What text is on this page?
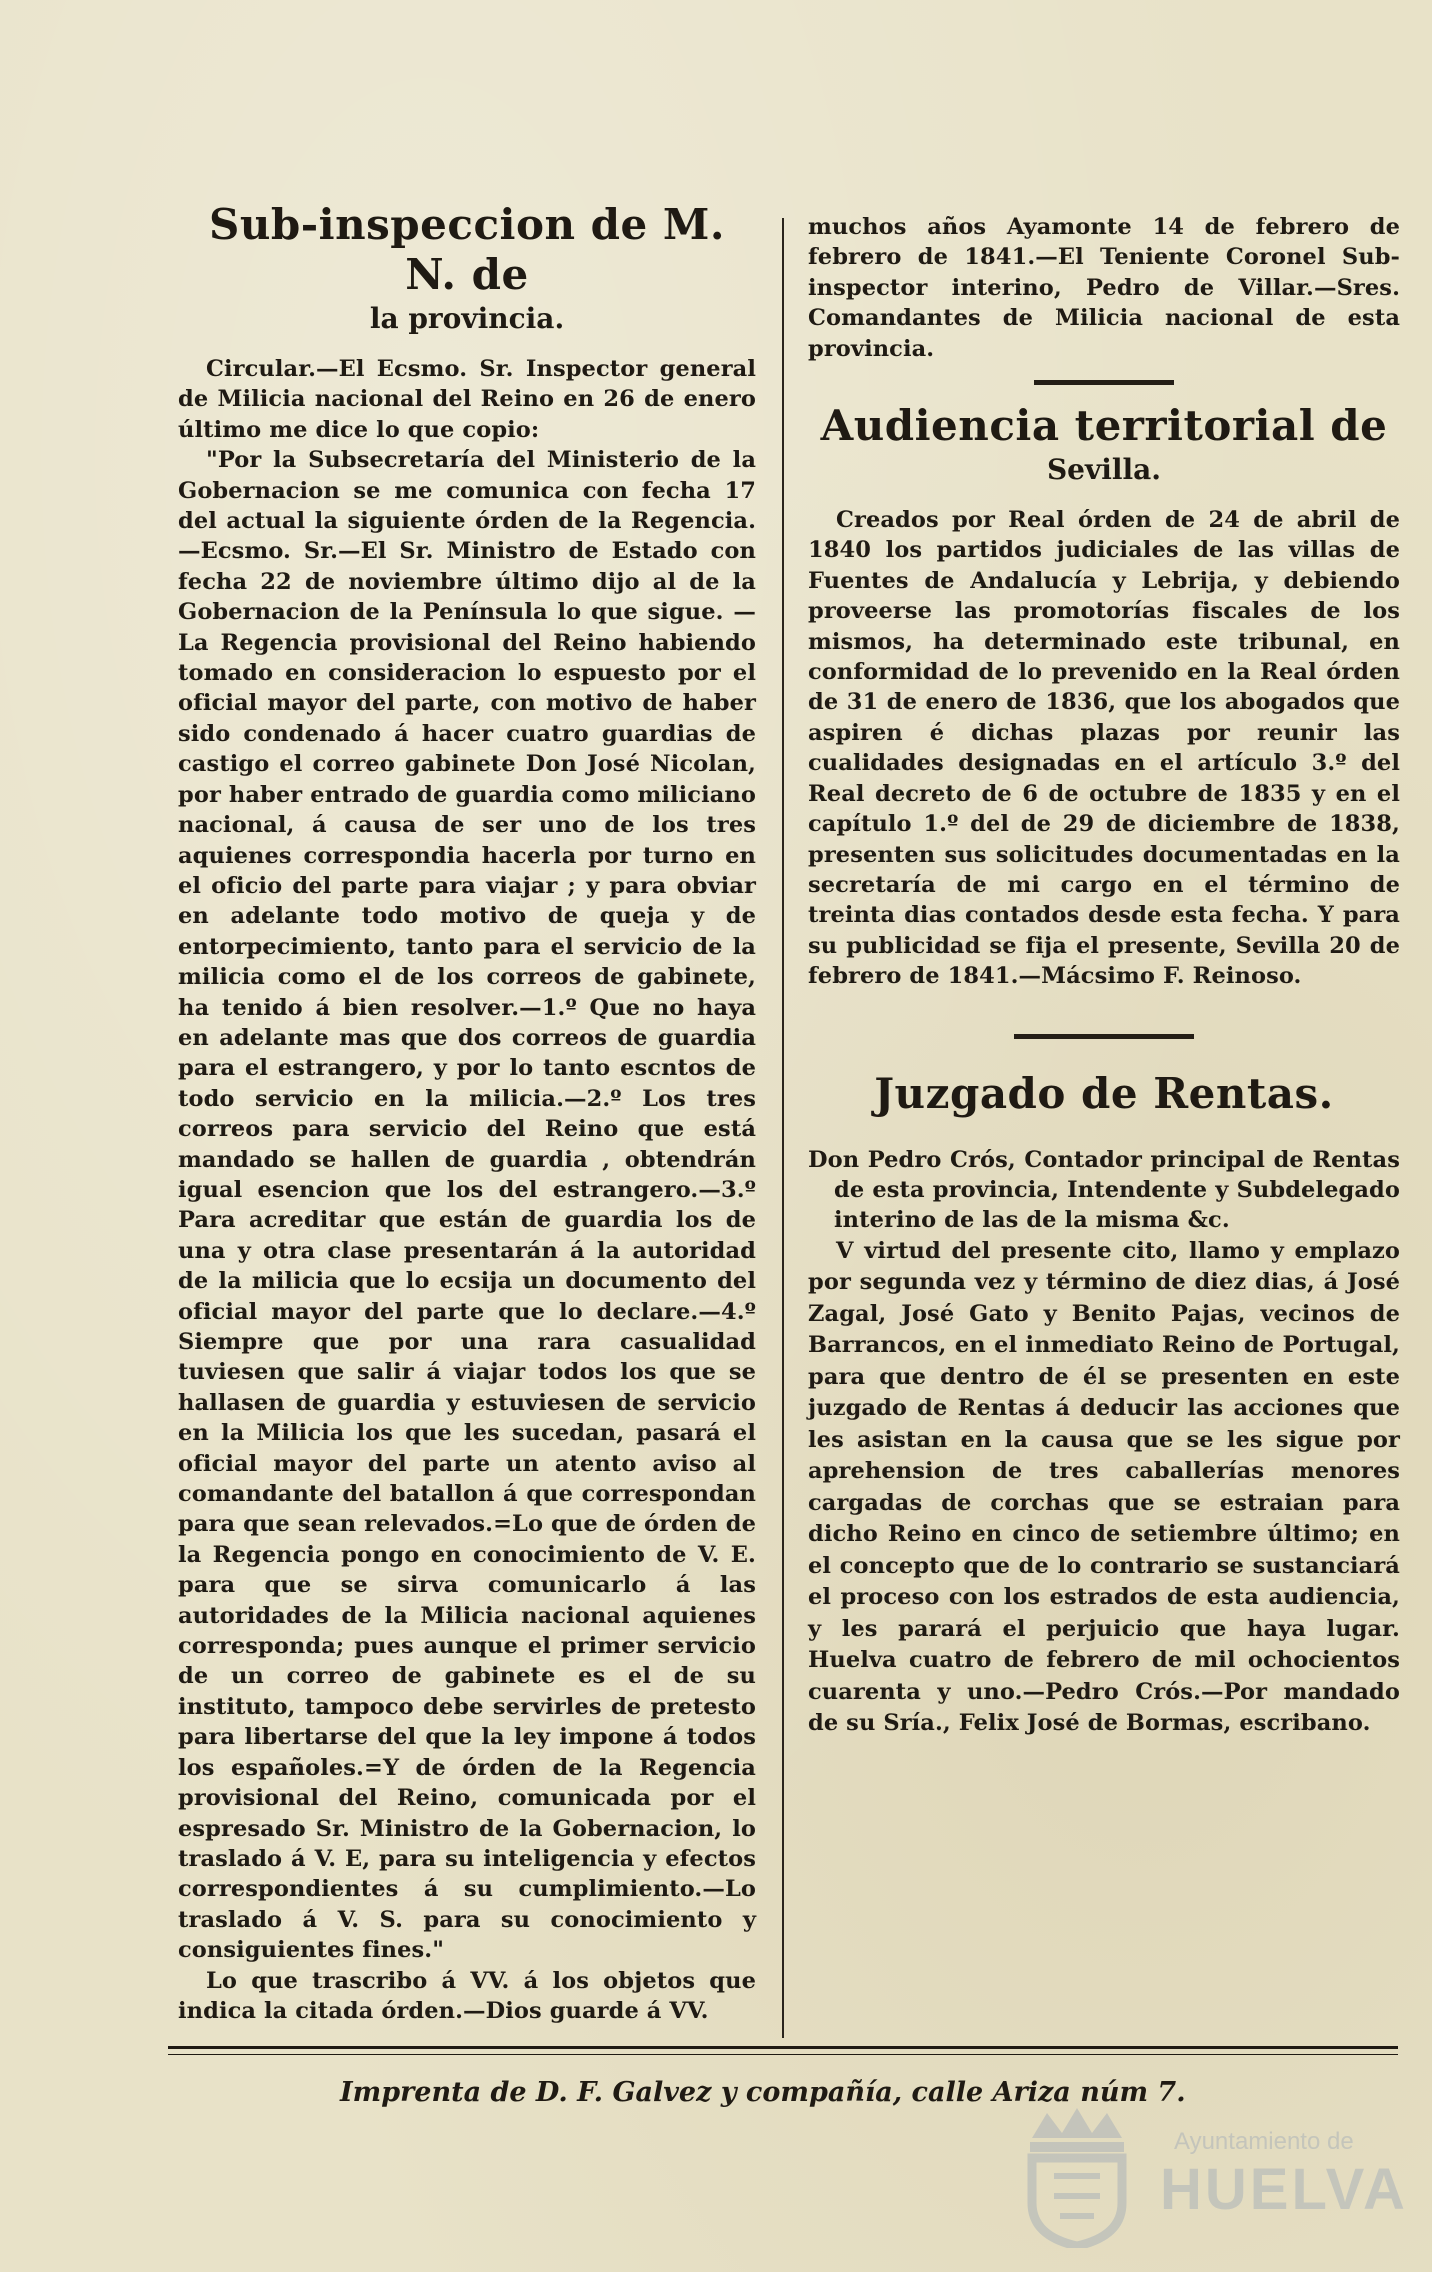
Sub-inspeccion de M. N. de
la provincia.

Circular.—El Ecsmo. Sr. Inspector general de Milicia nacional del Reino en 26 de enero último me dice lo que copio:

"Por la Subsecretaría del Ministerio de la Gobernacion se me comunica con fecha 17 del actual la siguiente órden de la Regencia. —Ecsmo. Sr.—El Sr. Ministro de Estado con fecha 22 de noviembre último dijo al de la Gobernacion de la Península lo que sigue. —La Regencia provisional del Reino habiendo tomado en consideracion lo espuesto por el oficial mayor del parte, con motivo de haber sido condenado á hacer cuatro guardias de castigo el correo gabinete Don José Nicolan, por haber entrado de guardia como miliciano nacional, á causa de ser uno de los tres aquienes correspondia hacerla por turno en el oficio del parte para viajar ; y para obviar en adelante todo motivo de queja y de entorpecimiento, tanto para el servicio de la milicia como el de los correos de gabinete, ha tenido á bien resolver.—1.º Que no haya en adelante mas que dos correos de guardia para el estrangero, y por lo tanto escntos de todo servicio en la milicia.—2.º Los tres correos para servicio del Reino que está mandado se hallen de guardia , obtendrán igual esencion que los del estrangero.—3.º Para acreditar que están de guardia los de una y otra clase presentarán á la autoridad de la milicia que lo ecsija un documento del oficial mayor del parte que lo declare.—4.º Siempre que por una rara casualidad tuviesen que salir á viajar todos los que se hallasen de guardia y estuviesen de servicio en la Milicia los que les sucedan, pasará el oficial mayor del parte un atento aviso al comandante del batallon á que correspondan para que sean relevados.=Lo que de órden de la Regencia pongo en conocimiento de V. E. para que se sirva comunicarlo á las autoridades de la Milicia nacional aquienes corresponda; pues aunque el primer servicio de un correo de gabinete es el de su instituto, tampoco debe servirles de pretesto para libertarse del que la ley impone á todos los españoles.=Y de órden de la Regencia provisional del Reino, comunicada por el espresado Sr. Ministro de la Gobernacion, lo traslado á V. E, para su inteligencia y efectos correspondientes á su cumplimiento.—Lo traslado á V. S. para su conocimiento y consiguientes fines."

Lo que trascribo á VV. á los objetos que indica la citada órden.—Dios guarde á VV.

muchos años Ayamonte 14 de febrero de febrero de 1841.—El Teniente Coronel Sub-inspector interino, Pedro de Villar.—Sres. Comandantes de Milicia nacional de esta provincia.

Audiencia territorial de
Sevilla.

Creados por Real órden de 24 de abril de 1840 los partidos judiciales de las villas de Fuentes de Andalucía y Lebrija, y debiendo proveerse las promotorías fiscales de los mismos, ha determinado este tribunal, en conformidad de lo prevenido en la Real órden de 31 de enero de 1836, que los abogados que aspiren é dichas plazas por reunir las cualidades designadas en el artículo 3.º del Real decreto de 6 de octubre de 1835 y en el capítulo 1.º del de 29 de diciembre de 1838, presenten sus solicitudes documentadas en la secretaría de mi cargo en el término de treinta dias contados desde esta fecha. Y para su publicidad se fija el presente, Sevilla 20 de febrero de 1841.—Mácsimo F. Reinoso.

Juzgado de Rentas.

Don Pedro Crós, Contador principal de Rentas de esta provincia, Intendente y Subdelegado interino de las de la misma &c.

V virtud del presente cito, llamo y emplazo por segunda vez y término de diez dias, á José Zagal, José Gato y Benito Pajas, vecinos de Barrancos, en el inmediato Reino de Portugal, para que dentro de él se presenten en este juzgado de Rentas á deducir las acciones que les asistan en la causa que se les sigue por aprehension de tres caballerías menores cargadas de corchas que se estraian para dicho Reino en cinco de setiembre último; en el concepto que de lo contrario se sustanciará el proceso con los estrados de esta audiencia, y les parará el perjuicio que haya lugar. Huelva cuatro de febrero de mil ochocientos cuarenta y uno.—Pedro Crós.—Por mandado de su Sría., Felix José de Bormas, escribano.

Imprenta de D. F. Galvez y compañía, calle Ariza núm 7.
Ayuntamiento de
HUELVA
